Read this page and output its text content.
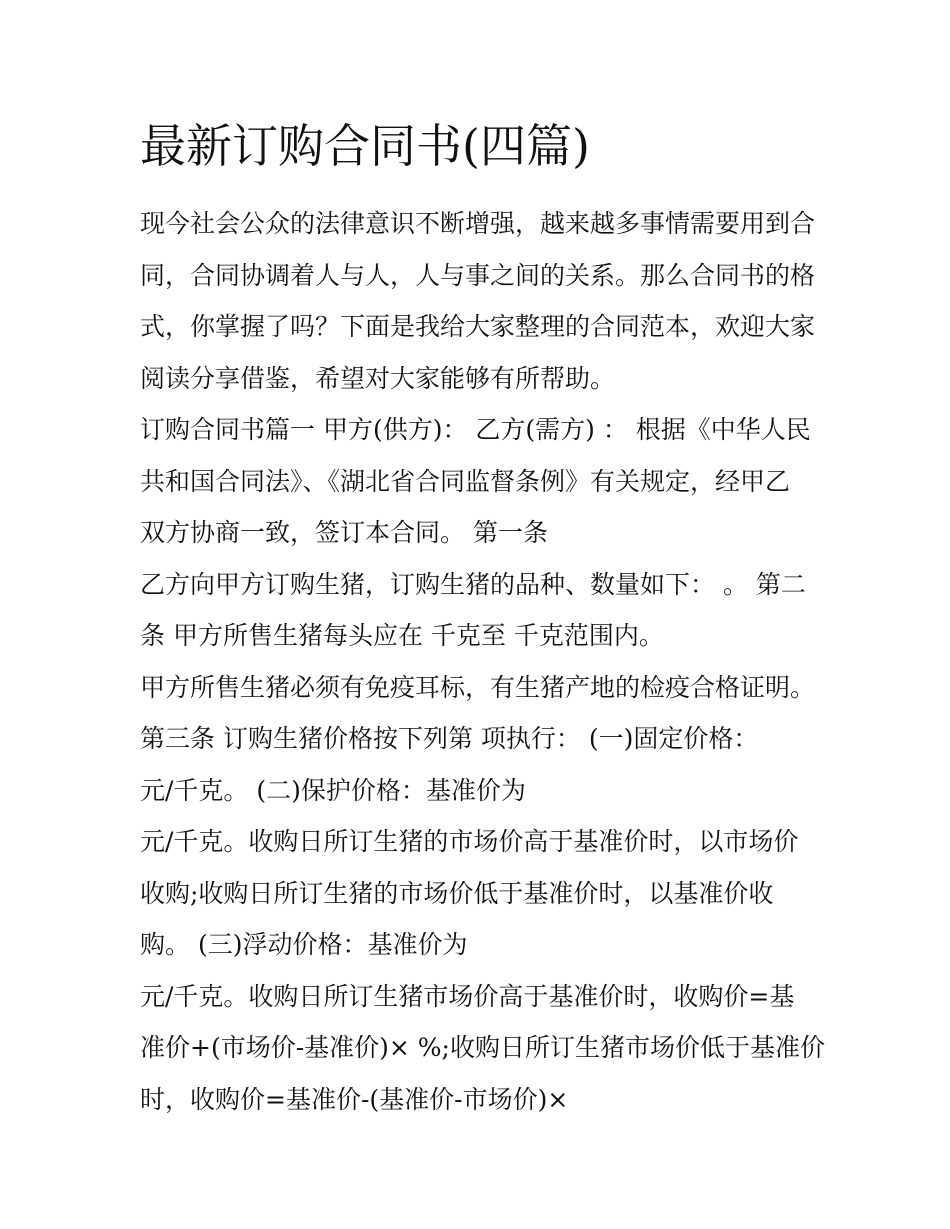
最新订购合同书(四篇)
现今社会公众的法律意识不断增强，越来越多事情需要用到合
同，合同协调着人与人，人与事之间的关系。那么合同书的格
式，你掌握了吗？下面是我给大家整理的合同范本，欢迎大家
阅读分享借鉴，希望对大家能够有所帮助。
订购合同书篇一 甲方(供方)： 乙方(需方) ： 根据《中华人民
共和国合同法》、《湖北省合同监督条例》有关规定，经甲乙
双方协商一致，签订本合同。 第一条
乙方向甲方订购生猪，订购生猪的品种、数量如下： 。 第二
条 甲方所售生猪每头应在 千克至 千克范围内。
甲方所售生猪必须有免疫耳标，有生猪产地的检疫合格证明。
第三条 订购生猪价格按下列第 项执行： (一)固定价格：
元/千克。 (二)保护价格：基准价为
元/千克。收购日所订生猪的市场价高于基准价时，以市场价
收购;收购日所订生猪的市场价低于基准价时，以基准价收
购。 (三)浮动价格：基准价为
元/千克。收购日所订生猪市场价高于基准价时，收购价=基
准价+(市场价-基准价)× %;收购日所订生猪市场价低于基准价
时，收购价=基准价-(基准价-市场价)×
